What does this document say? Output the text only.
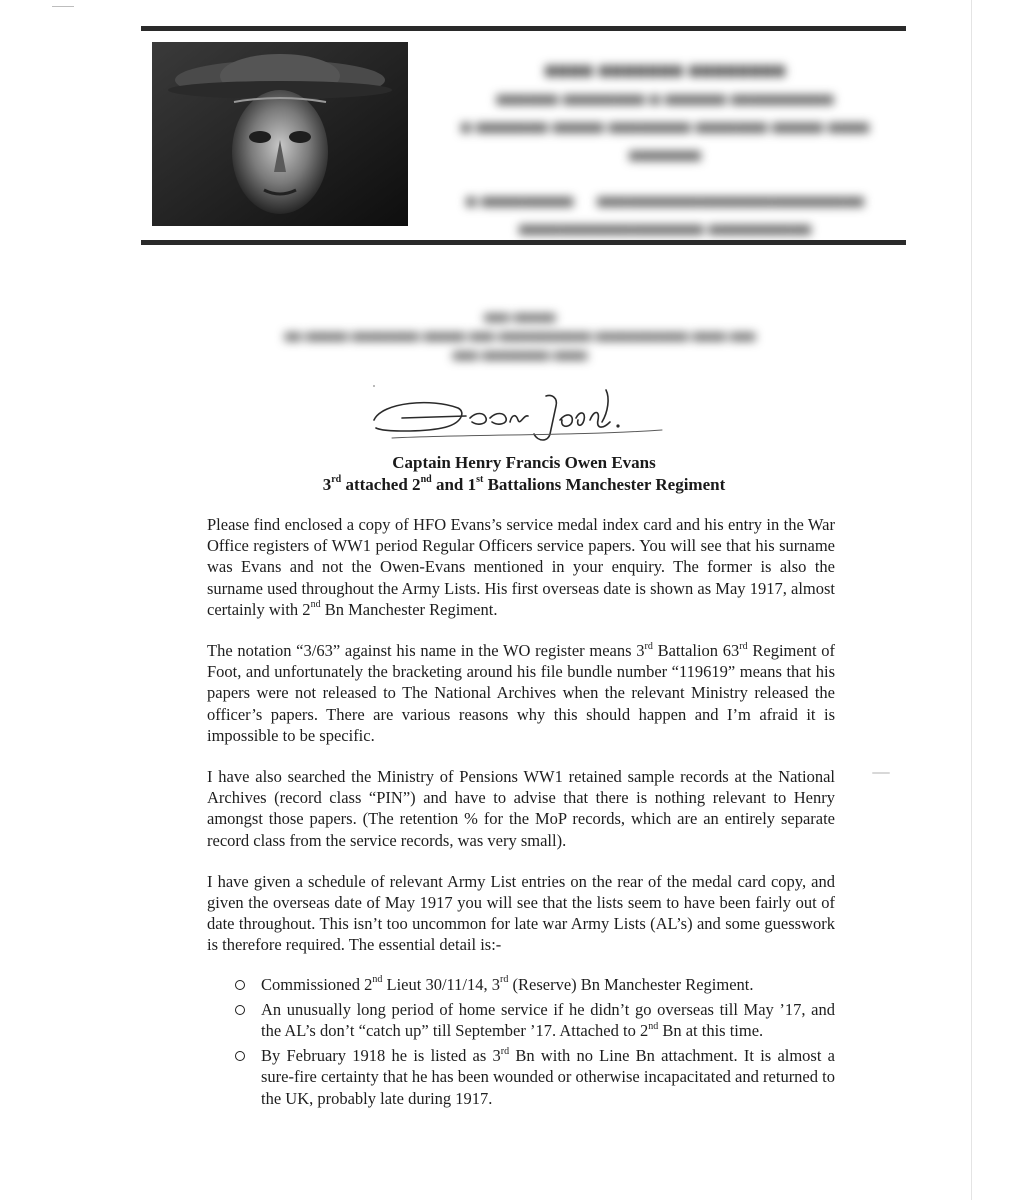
■■■■ ■■■■■■■ ■■■■■■■■
■■■■■■ ■■■■■■■■ ■ ■■■■■■ ■■■■■■■■■■
■ ■■■■■■■ ■■■■■ ■■■■■■■■ ■■■■■■■ ■■■■■ ■■■■ ■■■■■■■
■ ■■■■■■■■■     ■■■■■■■■■■■■■■■■■■■■■■■■■■
■■■■■■■■■■■■■■■■■■ ■■■■■■■■■■
■■■ ■■■■■
■■ ■■■■■ ■■■■■■■■ ■■■■■ ■■■ ■■■■■■■■■■■ ■■■■■■■■■■■ ■■■■ ■■■
■■■ ■■■■■■■■ ■■■■
Captain Henry Francis Owen Evans
3rd attached 2nd and 1st Battalions Manchester Regiment

Please find enclosed a copy of HFO Evans’s service medal index card and his entry in the War Office registers of WW1 period Regular Officers service papers. You will see that his surname was Evans and not the Owen-Evans mentioned in your enquiry. The former is also the surname used throughout the Army Lists. His first overseas date is shown as May 1917, almost certainly with 2nd Bn Manchester Regiment.

The notation “3/63” against his name in the WO register means 3rd Battalion 63rd Regiment of Foot, and unfortunately the bracketing around his file bundle number “119619” means that his papers were not released to The National Archives when the relevant Ministry released the officer’s papers. There are various reasons why this should happen and I’m afraid it is impossible to be specific.

I have also searched the Ministry of Pensions WW1 retained sample records at the National Archives (record class “PIN”) and have to advise that there is nothing relevant to Henry amongst those papers. (The retention % for the MoP records, which are an entirely separate record class from the service records, was very small).

I have given a schedule of relevant Army List entries on the rear of the medal card copy, and given the overseas date of May 1917 you will see that the lists seem to have been fairly out of date throughout. This isn’t too uncommon for late war Army Lists (AL’s) and some guesswork is therefore required. The essential detail is:-

Commissioned 2nd Lieut 30/11/14, 3rd (Reserve) Bn Manchester Regiment.
An unusually long period of home service if he didn’t go overseas till May ’17, and the AL’s don’t “catch up” till September ’17. Attached to 2nd Bn at this time.
By February 1918 he is listed as 3rd Bn with no Line Bn attachment. It is almost a sure-fire certainty that he has been wounded or otherwise incapacitated and returned to the UK, probably late during 1917.
